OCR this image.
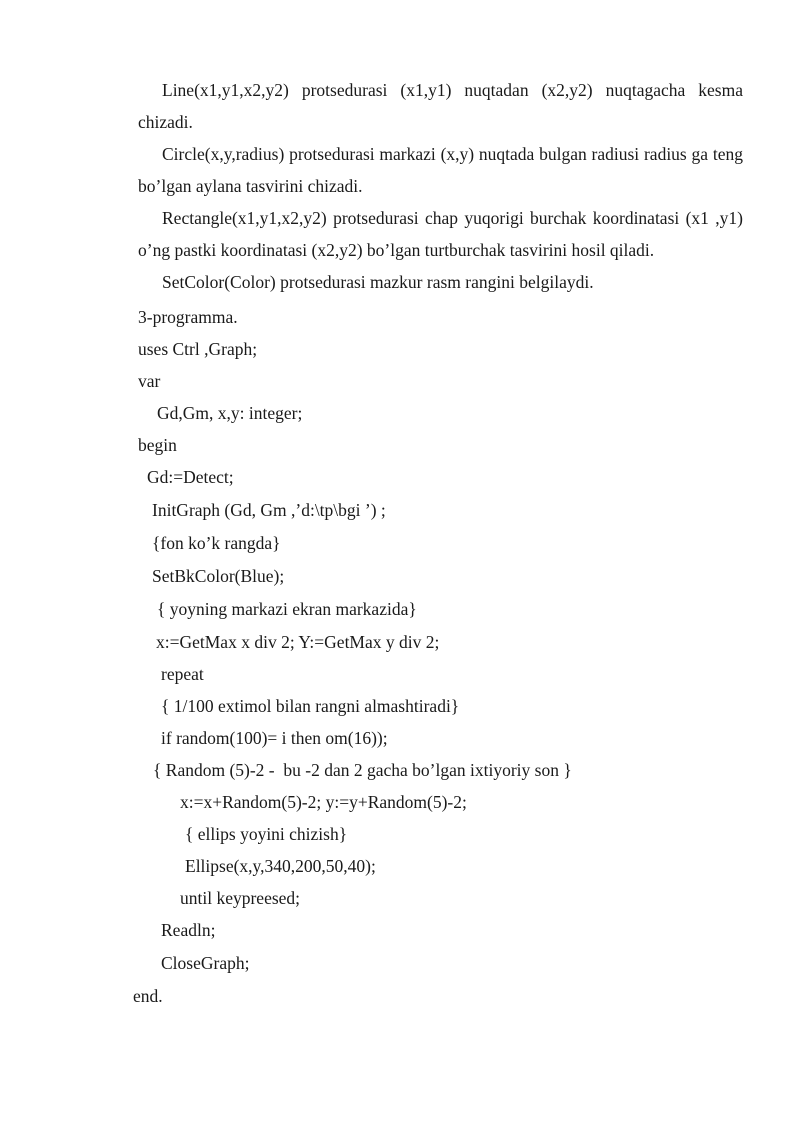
Line(x1,y1,x2,y2) protsedurasi (x1,y1) nuqtadan (x2,y2) nuqtagacha kesma chizadi.

Circle(x,y,radius) protsedurasi markazi (x,y) nuqtada bulgan radiusi radius ga teng bo’lgan aylana tasvirini chizadi.

Rectangle(x1,y1,x2,y2) protsedurasi chap yuqorigi burchak koordinatasi (x1 ,y1) o’ng pastki koordinatasi (x2,y2) bo’lgan turtburchak tasvirini hosil qiladi.

SetColor(Color) protsedurasi mazkur rasm rangini belgilaydi.

3-programma.
uses Ctrl ,Graph;
var
Gd,Gm, x,y: integer;
begin
Gd:=Detect;
InitGraph (Gd, Gm ,’d:\tp\bgi ’) ;
{fon ko’k rangda}
SetBkColor(Blue);
{ yoyning markazi ekran markazida}
x:=GetMax x div 2; Y:=GetMax y div 2;
repeat
{ 1/100 extimol bilan rangni almashtiradi}
if random(100)= i then om(16));
{ Random (5)-2 -  bu -2 dan 2 gacha bo’lgan ixtiyoriy son }
x:=x+Random(5)-2; y:=y+Random(5)-2;
{ ellips yoyini chizish}
Ellipse(x,y,340,200,50,40);
until keypreesed;
Readln;
CloseGraph;
end.
